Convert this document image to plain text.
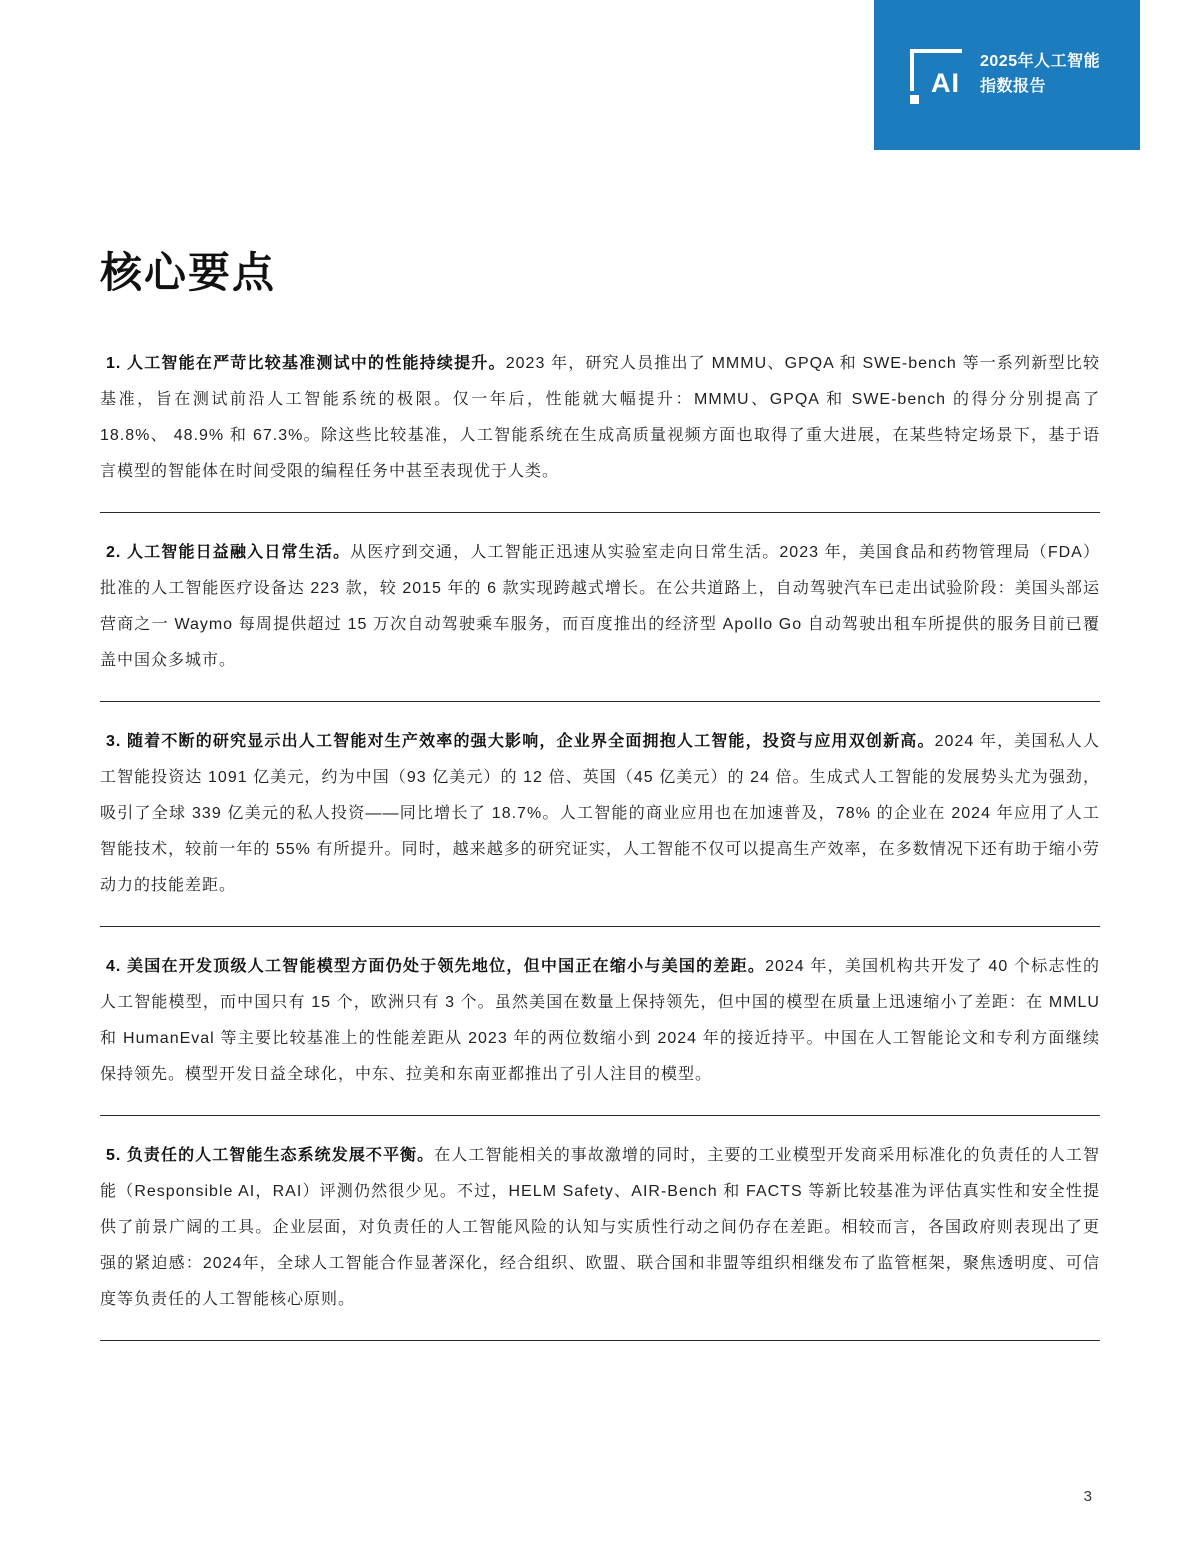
AI
2025年人工智能
指数报告
核心要点

1. 人工智能在严苛比较基准测试中的性能持续提升。2023 年，研究人员推出了 MMMU、GPQA 和 SWE-bench 等一系列新型比较基准，旨在测试前沿人工智能系统的极限。仅一年后，性能就大幅提升：MMMU、GPQA 和 SWE-bench 的得分分别提高了 18.8%、 48.9% 和 67.3%。除这些比较基准，人工智能系统在生成高质量视频方面也取得了重大进展，在某些特定场景下，基于语言模型的智能体在时间受限的编程任务中甚至表现优于人类。

2. 人工智能日益融入日常生活。从医疗到交通，人工智能正迅速从实验室走向日常生活。2023 年，美国食品和药物管理局（FDA）批准的人工智能医疗设备达 223 款，较 2015 年的 6 款实现跨越式增长。在公共道路上，自动驾驶汽车已走出试验阶段：美国头部运营商之一 Waymo 每周提供超过 15 万次自动驾驶乘车服务，而百度推出的经济型 Apollo Go 自动驾驶出租车所提供的服务目前已覆盖中国众多城市。

3. 随着不断的研究显示出人工智能对生产效率的强大影响，企业界全面拥抱人工智能，投资与应用双创新高。2024 年，美国私人人工智能投资达 1091 亿美元，约为中国（93 亿美元）的 12 倍、英国（45 亿美元）的 24 倍。生成式人工智能的发展势头尤为强劲，吸引了全球 339 亿美元的私人投资——同比增长了 18.7%。人工智能的商业应用也在加速普及，78% 的企业在 2024 年应用了人工智能技术，较前一年的 55% 有所提升。同时，越来越多的研究证实，人工智能不仅可以提高生产效率，在多数情况下还有助于缩小劳动力的技能差距。

4. 美国在开发顶级人工智能模型方面仍处于领先地位，但中国正在缩小与美国的差距。2024 年，美国机构共开发了 40 个标志性的人工智能模型，而中国只有 15 个，欧洲只有 3 个。虽然美国在数量上保持领先，但中国的模型在质量上迅速缩小了差距：在 MMLU 和 HumanEval 等主要比较基准上的性能差距从 2023 年的两位数缩小到 2024 年的接近持平。中国在人工智能论文和专利方面继续保持领先。模型开发日益全球化，中东、拉美和东南亚都推出了引人注目的模型。

5. 负责任的人工智能生态系统发展不平衡。在人工智能相关的事故激增的同时，主要的工业模型开发商采用标准化的负责任的人工智能（Responsible AI，RAI）评测仍然很少见。不过，HELM Safety、AIR-Bench 和 FACTS 等新比较基准为评估真实性和安全性提供了前景广阔的工具。企业层面，对负责任的人工智能风险的认知与实质性行动之间仍存在差距。相较而言，各国政府则表现出了更强的紧迫感：2024年，全球人工智能合作显著深化，经合组织、欧盟、联合国和非盟等组织相继发布了监管框架，聚焦透明度、可信度等负责任的人工智能核心原则。

3
